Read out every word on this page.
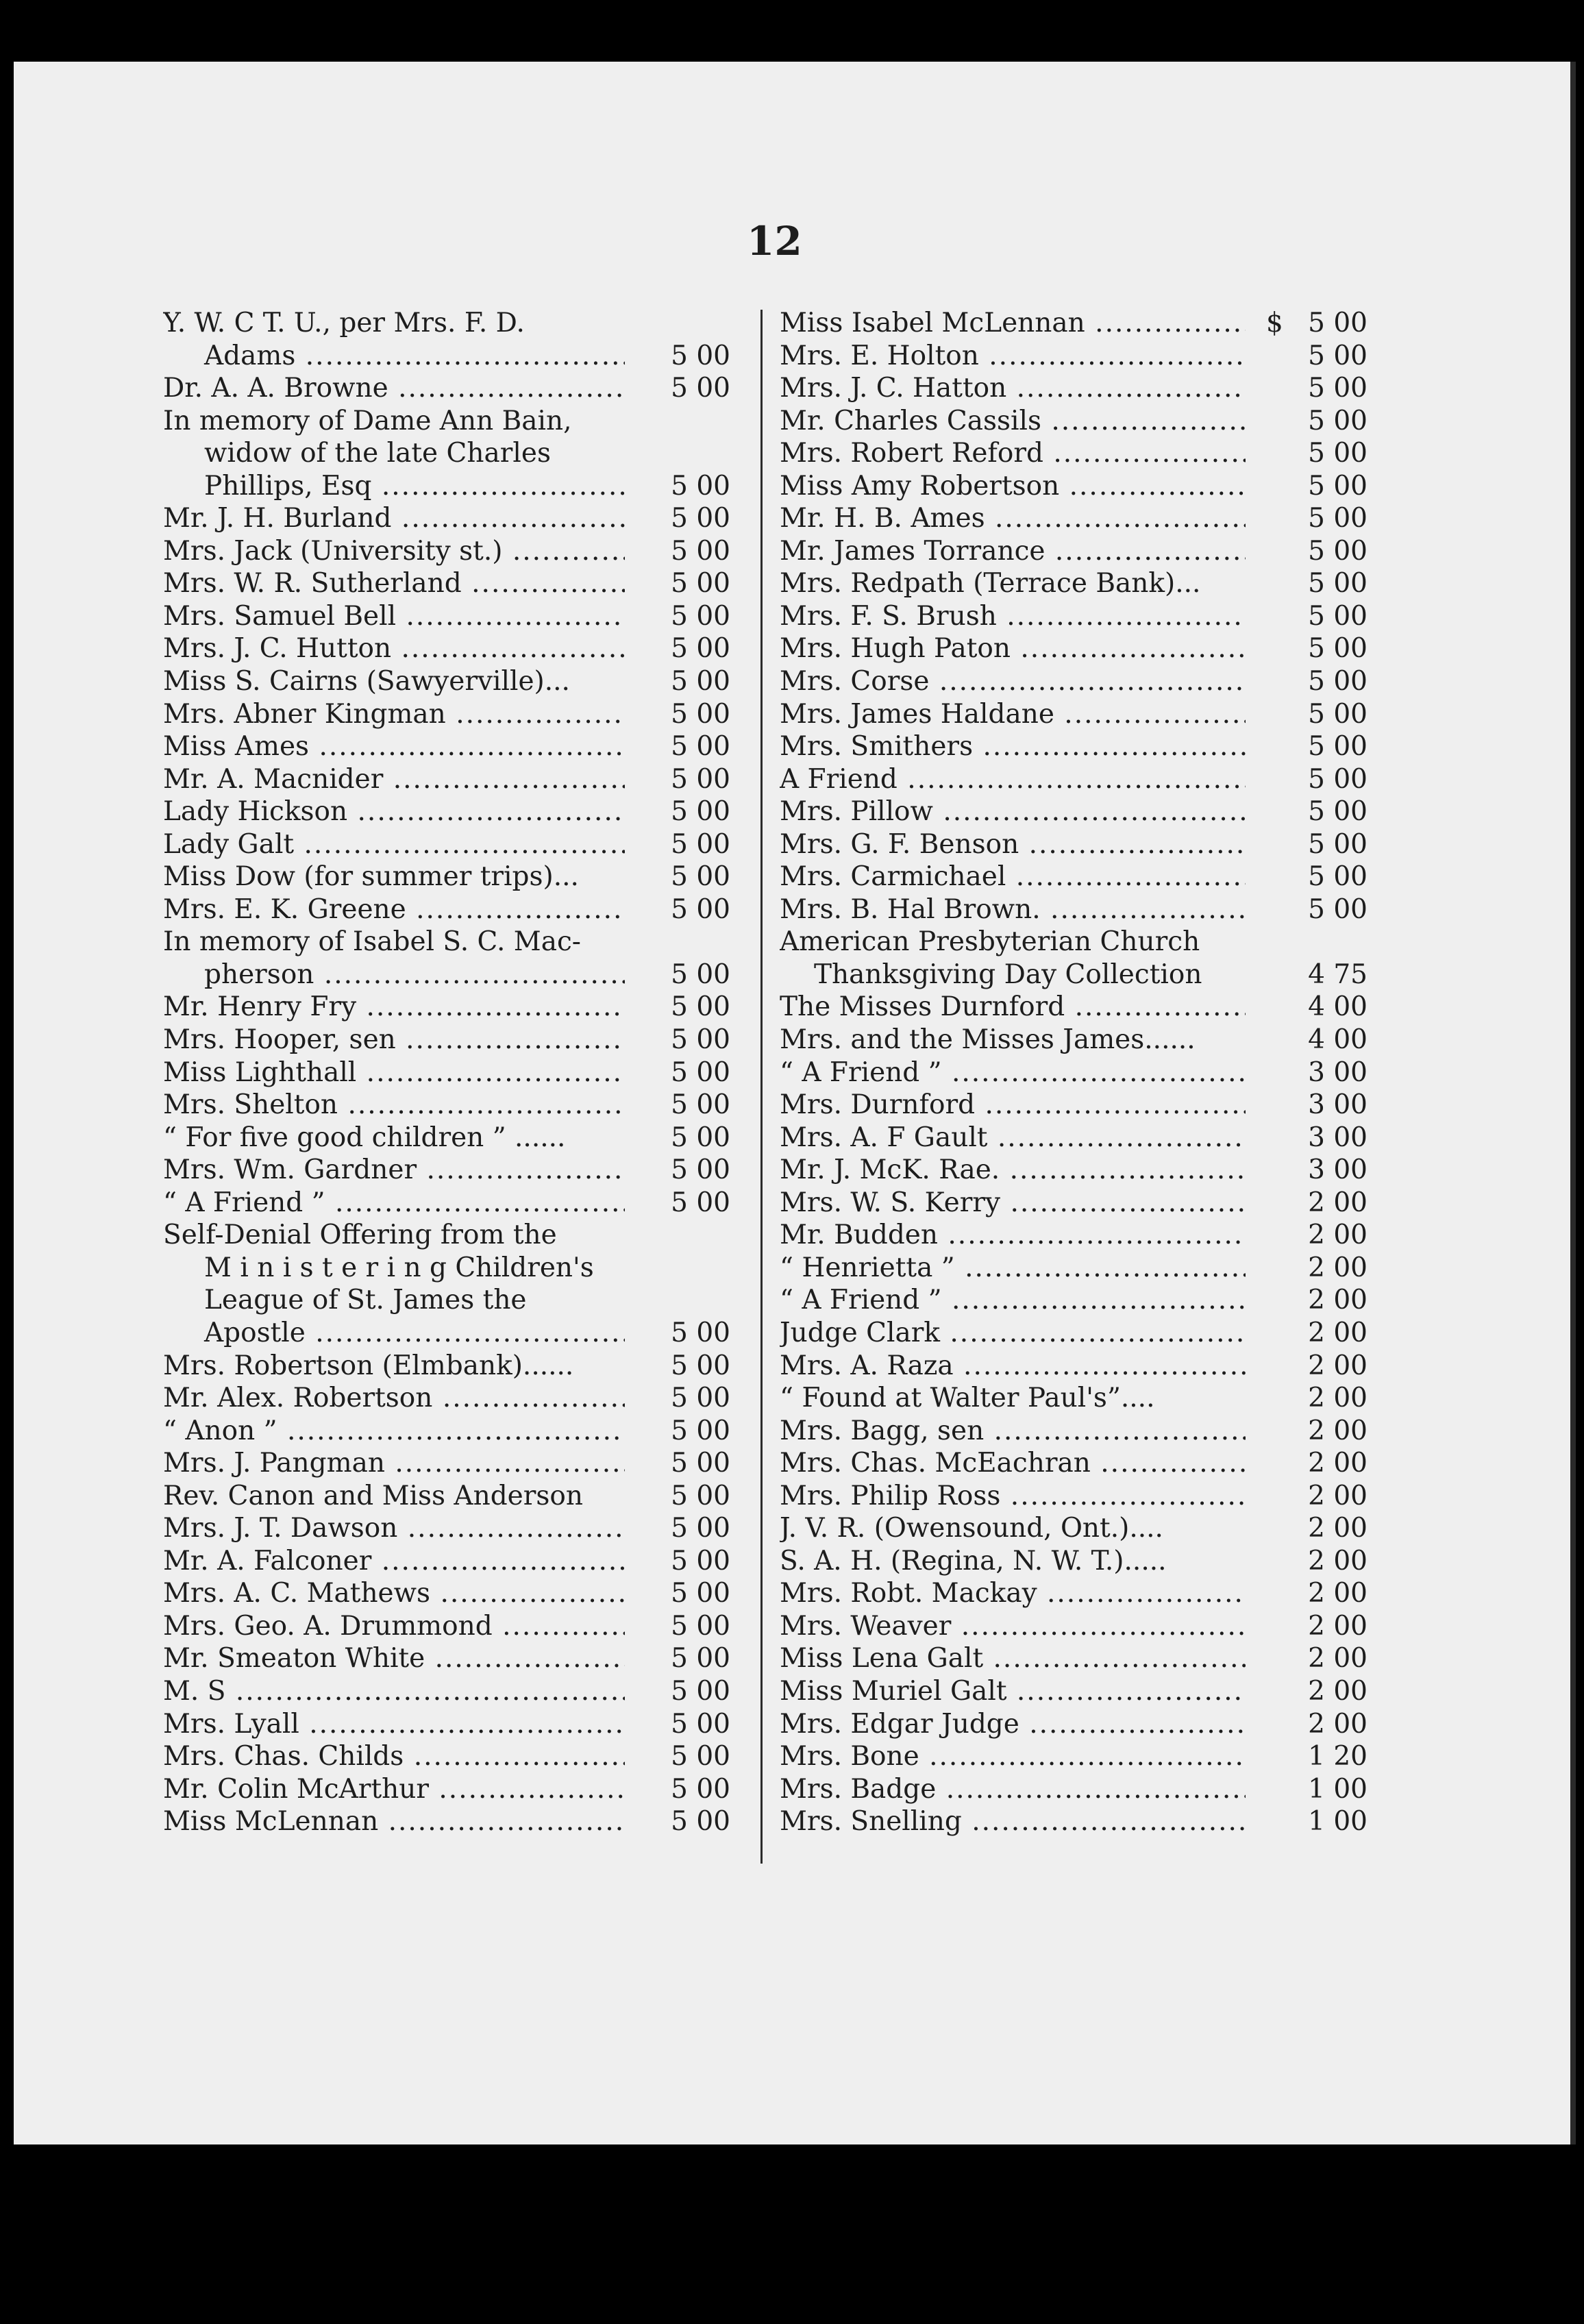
12
Y. W. C T. U., per Mrs. F. D.
Adams .....	5 00
Dr. A. A. Browne .....	5 00
In memory of Dame Ann Bain,
widow of the late Charles
Phillips, Esq .....	5 00
Mr. J. H. Burland .....	5 00
Mrs. Jack (University st.) .....	5 00
Mrs. W. R. Sutherland .....	5 00
Mrs. Samuel Bell .....	5 00
Mrs. J. C. Hutton .....	5 00
Miss S. Cairns (Sawyerville)...	5 00
Mrs. Abner Kingman .....	5 00
Miss Ames .....	5 00
Mr. A. Macnider .....	5 00
Lady Hickson .....	5 00
Lady Galt .....	5 00
Miss Dow (for summer trips)...	5 00
Mrs. E. K. Greene .....	5 00
In memory of Isabel S. C. Mac-
pherson .....	5 00
Mr. Henry Fry .....	5 00
Mrs. Hooper, sen .....	5 00
Miss Lighthall .....	5 00
Mrs. Shelton .....	5 00
“ For five good children ” ......	5 00
Mrs. Wm. Gardner .....	5 00
“ A Friend ” .....	5 00
Self-Denial Offering from the
M i n i s t e r i n g Children's
League of St. James the
Apostle .....	5 00
Mrs. Robertson (Elmbank)......	5 00
Mr. Alex. Robertson .....	5 00
“ Anon ” .....	5 00
Mrs. J. Pangman .....	5 00
Rev. Canon and Miss Anderson	5 00
Mrs. J. T. Dawson .....	5 00
Mr. A. Falconer .....	5 00
Mrs. A. C. Mathews .....	5 00
Mrs. Geo. A. Drummond .....	5 00
Mr. Smeaton White .....	5 00
M. S .....	5 00
Mrs. Lyall .....	5 00
Mrs. Chas. Childs .....	5 00
Mr. Colin McArthur .....	5 00
Miss McLennan .....	5 00
Miss Isabel McLennan .....	$ 5 00
Mrs. E. Holton .....	5 00
Mrs. J. C. Hatton .....	5 00
Mr. Charles Cassils .....	5 00
Mrs. Robert Reford .....	5 00
Miss Amy Robertson .....	5 00
Mr. H. B. Ames .....	5 00
Mr. James Torrance .....	5 00
Mrs. Redpath (Terrace Bank)...	5 00
Mrs. F. S. Brush .....	5 00
Mrs. Hugh Paton .....	5 00
Mrs. Corse .....	5 00
Mrs. James Haldane .....	5 00
Mrs. Smithers .....	5 00
A Friend .....	5 00
Mrs. Pillow .....	5 00
Mrs. G. F. Benson .....	5 00
Mrs. Carmichael .....	5 00
Mrs. B. Hal Brown. .....	5 00
American Presbyterian Church
Thanksgiving Day Collection	4 75
The Misses Durnford .....	4 00
Mrs. and the Misses James......	4 00
“ A Friend ” .....	3 00
Mrs. Durnford .....	3 00
Mrs. A. F Gault .....	3 00
Mr. J. McK. Rae. .....	3 00
Mrs. W. S. Kerry .....	2 00
Mr. Budden .....	2 00
“ Henrietta ” .....	2 00
“ A Friend ” .....	2 00
Judge Clark .....	2 00
Mrs. A. Raza .....	2 00
“ Found at Walter Paul's”....	2 00
Mrs. Bagg, sen .....	2 00
Mrs. Chas. McEachran .....	2 00
Mrs. Philip Ross .....	2 00
J. V. R. (Owensound, Ont.)....	2 00
S. A. H. (Regina, N. W. T.).....	2 00
Mrs. Robt. Mackay .....	2 00
Mrs. Weaver .....	2 00
Miss Lena Galt .....	2 00
Miss Muriel Galt .....	2 00
Mrs. Edgar Judge .....	2 00
Mrs. Bone .....	1 20
Mrs. Badge .....	1 00
Mrs. Snelling .....	1 00
